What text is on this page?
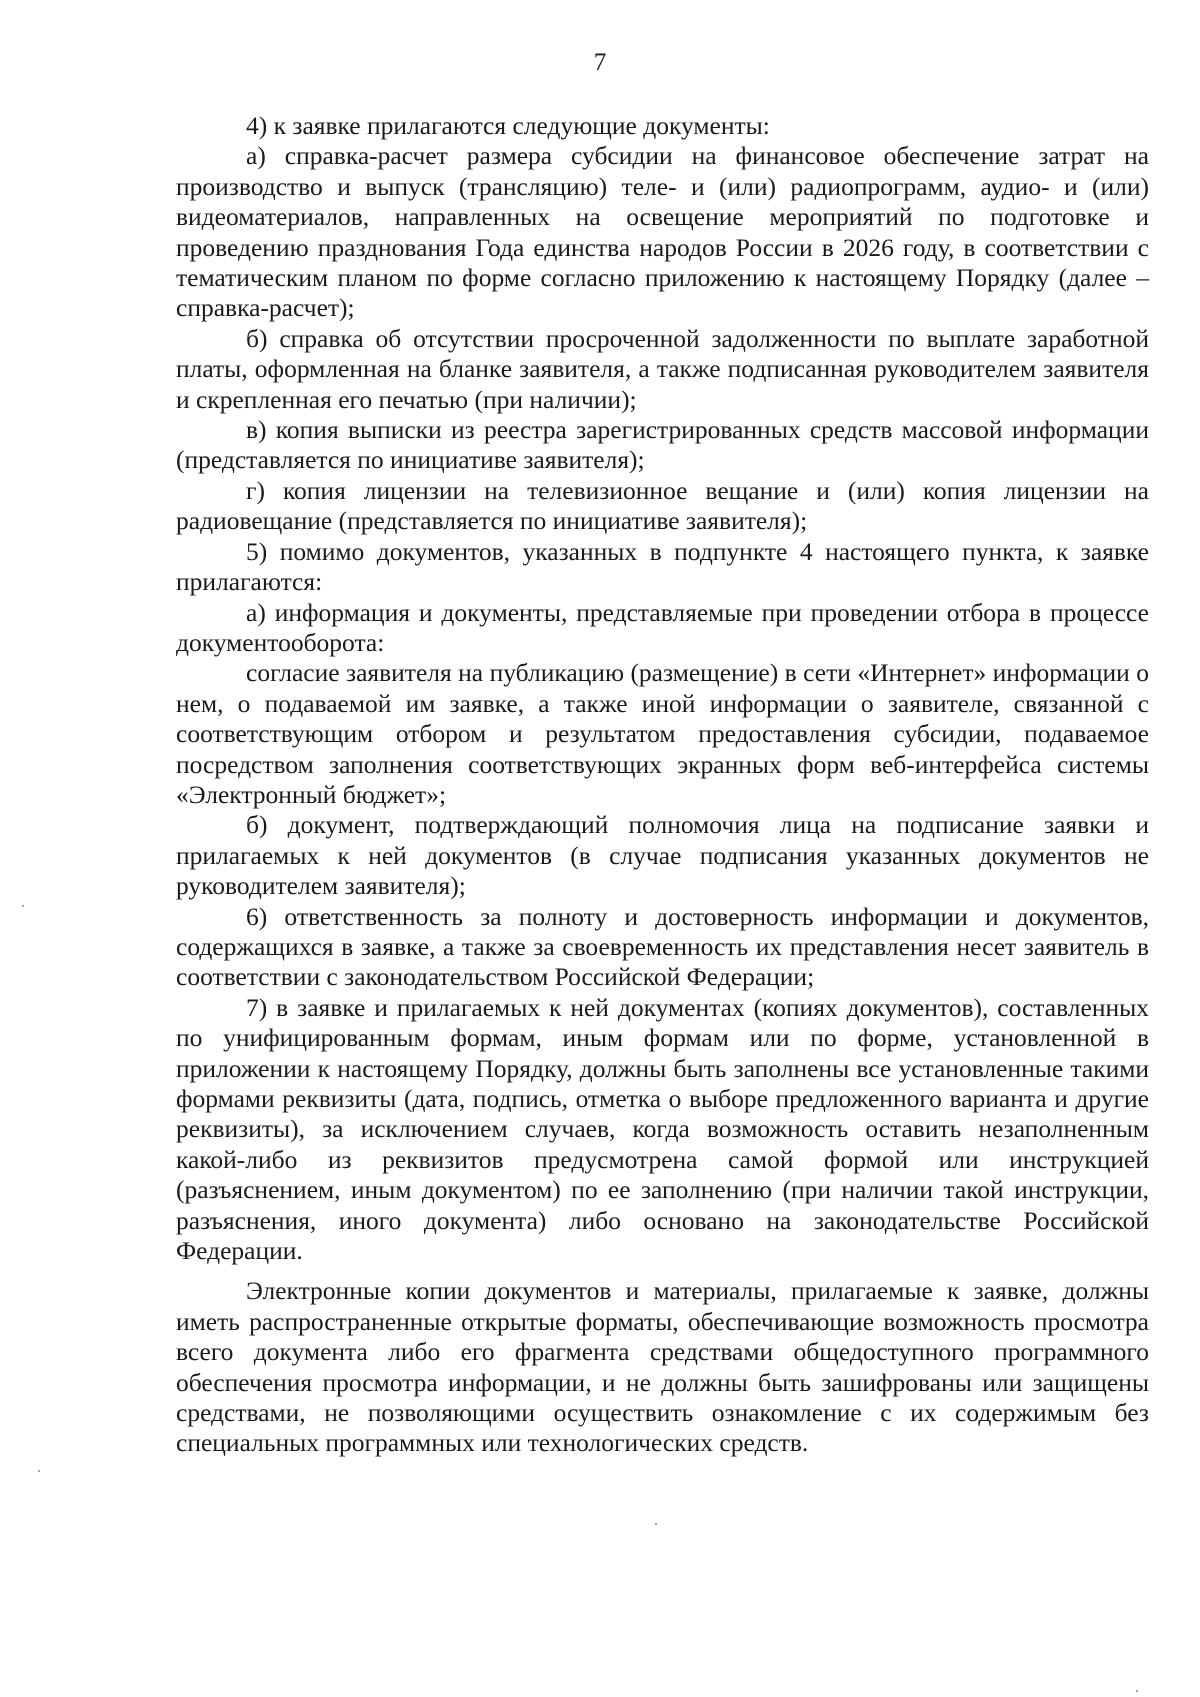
7

4) к заявке прилагаются следующие документы:

а) справка-расчет размера субсидии на финансовое обеспечение затрат на производство и выпуск (трансляцию) теле- и (или) радиопрограмм, аудио- и (или) видеоматериалов, направленных на освещение мероприятий по подготовке и проведению празднования Года единства народов России в 2026 году, в соответствии с тематическим планом по форме согласно приложению к настоящему Порядку (далее – справка-расчет);

б) справка об отсутствии просроченной задолженности по выплате заработной платы, оформленная на бланке заявителя, а также подписанная руководителем заявителя и скрепленная его печатью (при наличии);

в) копия выписки из реестра зарегистрированных средств массовой информации (представляется по инициативе заявителя);

г) копия лицензии на телевизионное вещание и (или) копия лицензии на радиовещание (представляется по инициативе заявителя);

5) помимо документов, указанных в подпункте 4 настоящего пункта, к заявке прилагаются:

а) информация и документы, представляемые при проведении отбора в процессе документооборота:

согласие заявителя на публикацию (размещение) в сети «Интернет» информации о нем, о подаваемой им заявке, а также иной информации о заявителе, связанной с соответствующим отбором и результатом предоставления субсидии, подаваемое посредством заполнения соответствующих экранных форм веб-интерфейса системы «Электронный бюджет»;

б) документ, подтверждающий полномочия лица на подписание заявки и прилагаемых к ней документов (в случае подписания указанных документов не руководителем заявителя);

6) ответственность за полноту и достоверность информации и документов, содержащихся в заявке, а также за своевременность их представления несет заявитель в соответствии с законодательством Российской Федерации;

7) в заявке и прилагаемых к ней документах (копиях документов), составленных по унифицированным формам, иным формам или по форме, установленной в приложении к настоящему Порядку, должны быть заполнены все установленные такими формами реквизиты (дата, подпись, отметка о выборе предложенного варианта и другие реквизиты), за исключением случаев, когда возможность оставить незаполненным какой-либо из реквизитов предусмотрена самой формой или инструкцией (разъяснением, иным документом) по ее заполнению (при наличии такой инструкции, разъяснения, иного документа) либо основано на законодательстве Российской Федерации.

Электронные копии документов и материалы, прилагаемые к заявке, должны иметь распространенные открытые форматы, обеспечивающие возможность просмотра всего документа либо его фрагмента средствами общедоступного программного обеспечения просмотра информации, и не должны быть зашифрованы или защищены средствами, не позволяющими осуществить ознакомление с их содержимым без специальных программных или технологических средств.
